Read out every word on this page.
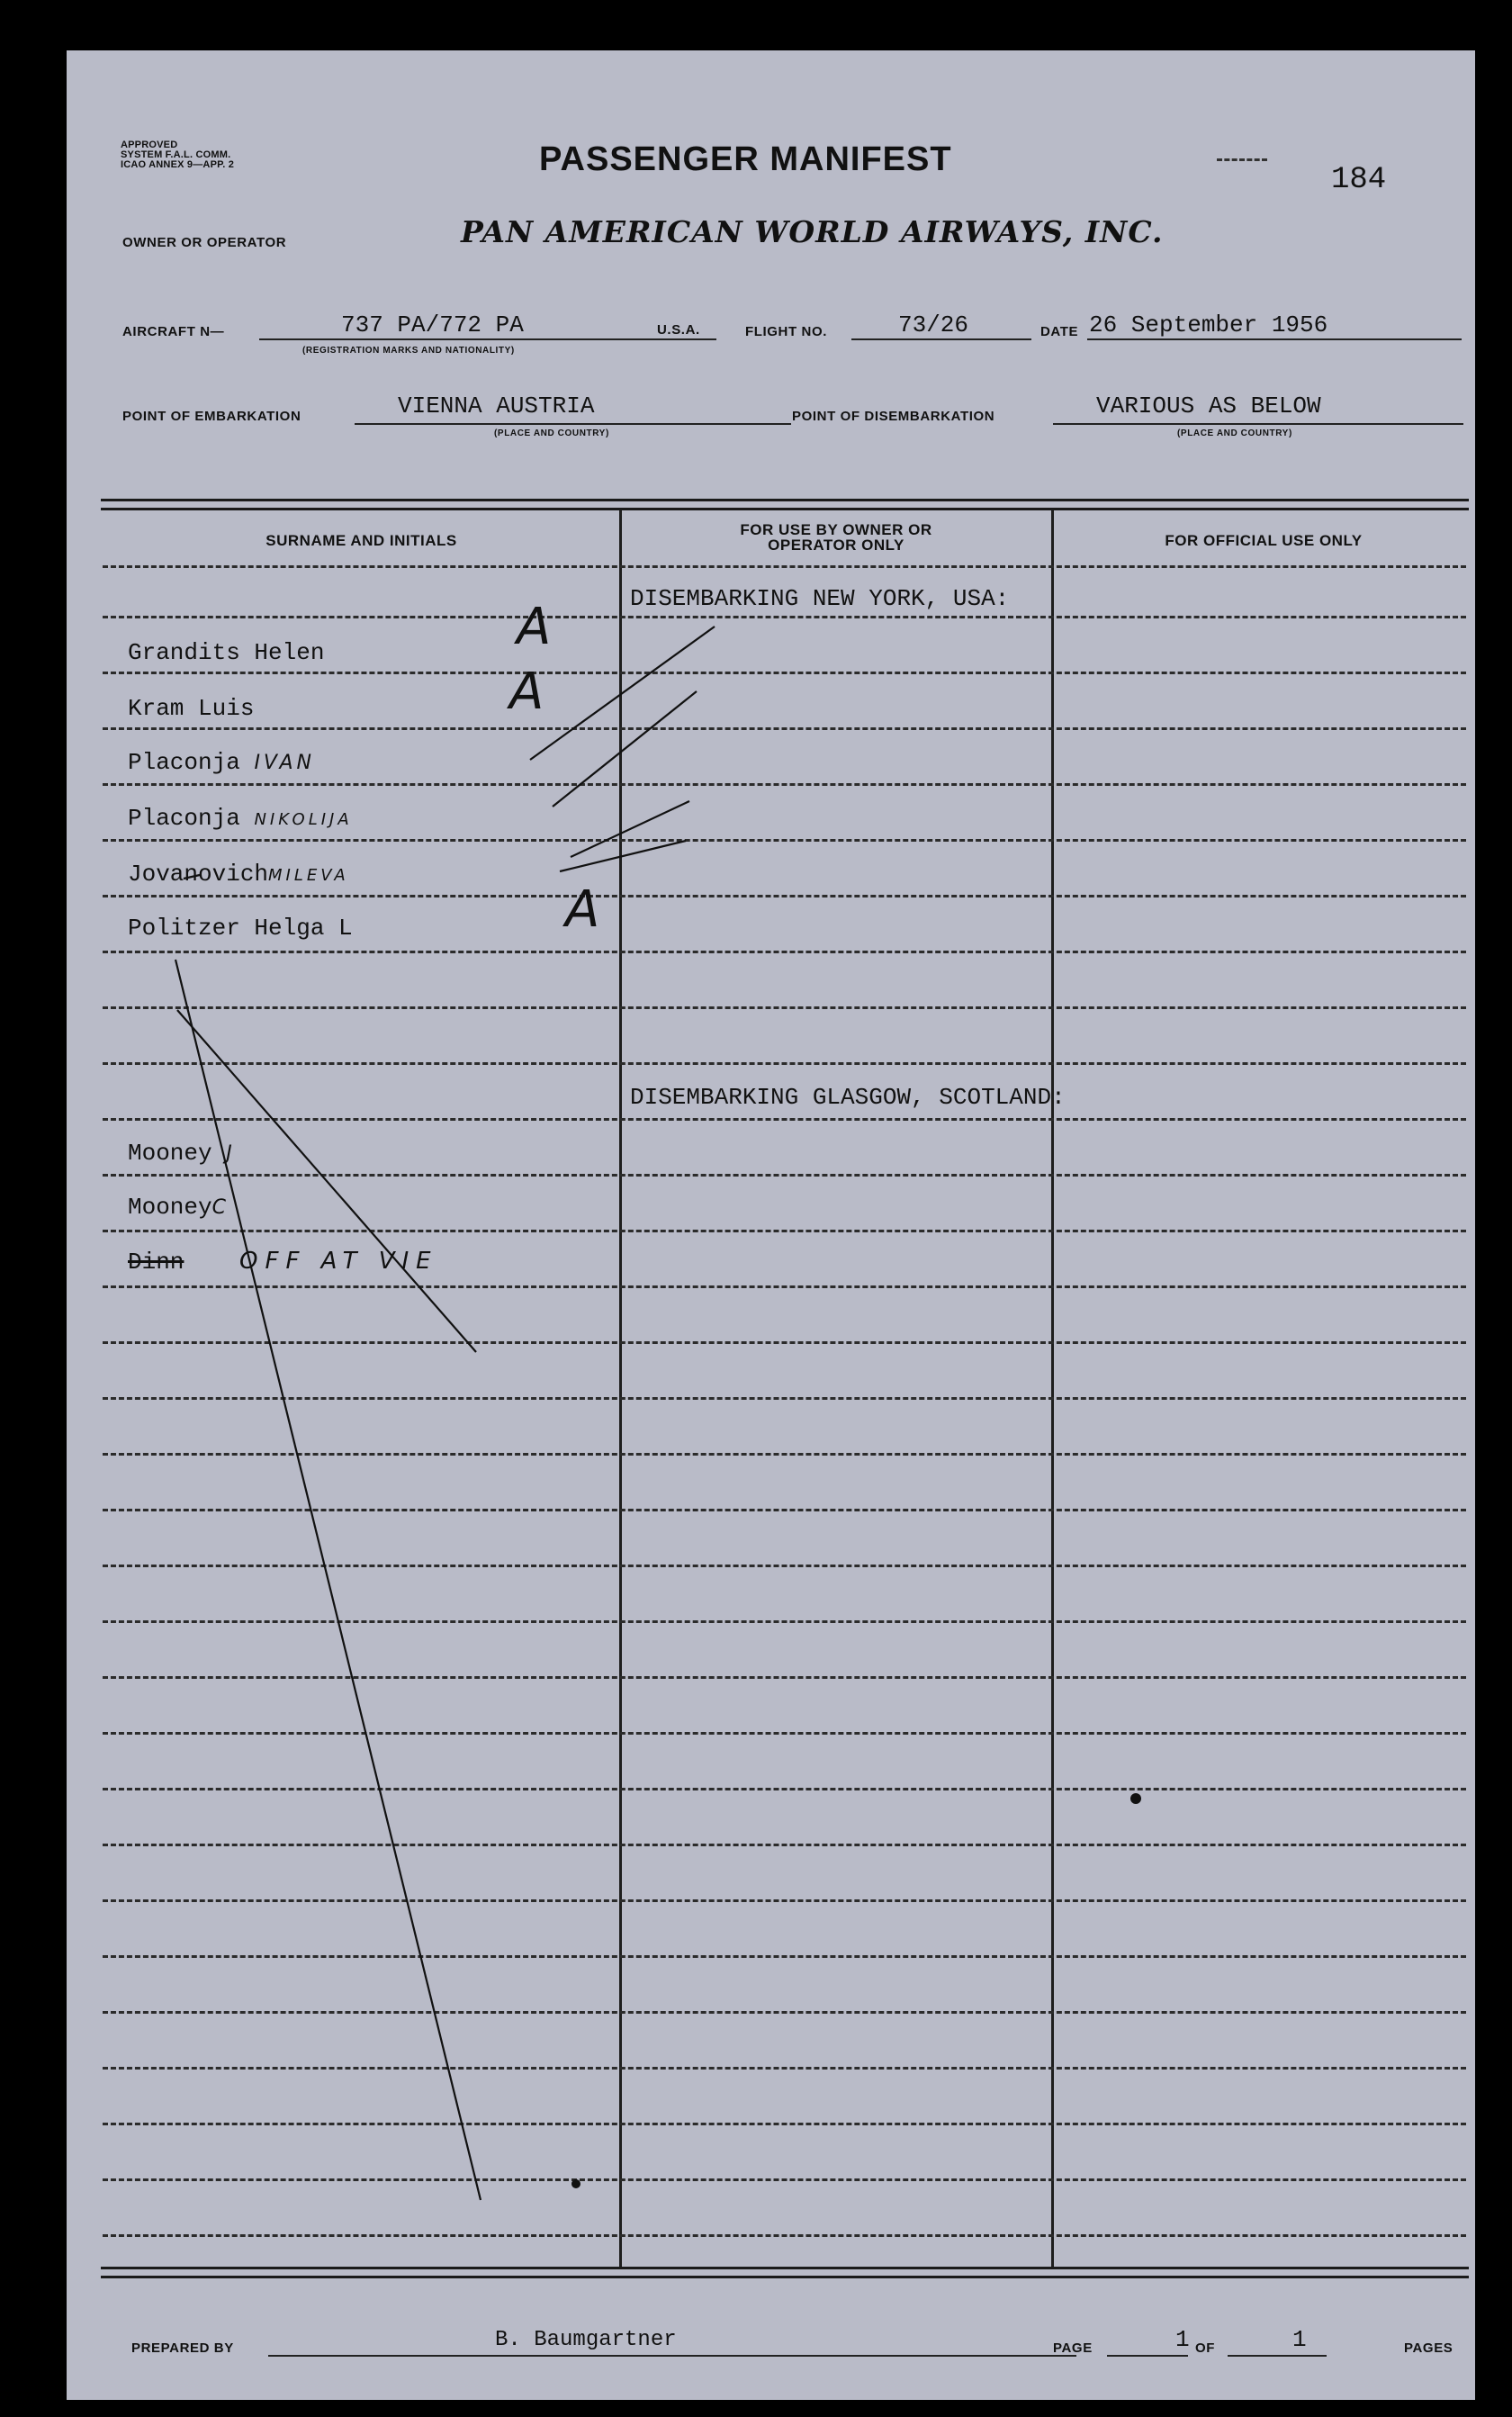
APPROVED
SYSTEM F.A.L. COMM.
ICAO ANNEX 9—APP. 2	PASSENGER MANIFEST
184
OWNER OR OPERATOR	PAN AMERICAN WORLD AIRWAYS, INC.
AIRCRAFT N—	737 PA/772 PA
(REGISTRATION MARKS AND NATIONALITY)
U.S.A.	FLIGHT NO.	73/26	DATE 26 September 1956
POINT OF EMBARKATION	VIENNA AUSTRIA
(PLACE AND COUNTRY)
POINT OF DISEMBARKATION	VARIOUS AS BELOW
(PLACE AND COUNTRY)
SURNAME AND INITIALS
FOR USE BY OWNER OR OPERATOR ONLY	FOR OFFICIAL USE ONLY
DISEMBARKING NEW YORK, USA:
Grandits Helen	A
Kram Luis	A
Placonja IVAN
Placonja NIKOLIJA
JovanovichMILEVA
Politzer Helga L	A
DISEMBARKING GLASGOW, SCOTLAND:
Mooney J
MooneyC
Dinn OFF AT VIE
PREPARED BY	B. Baumgartner	PAGE	1 OF	1	PAGES
